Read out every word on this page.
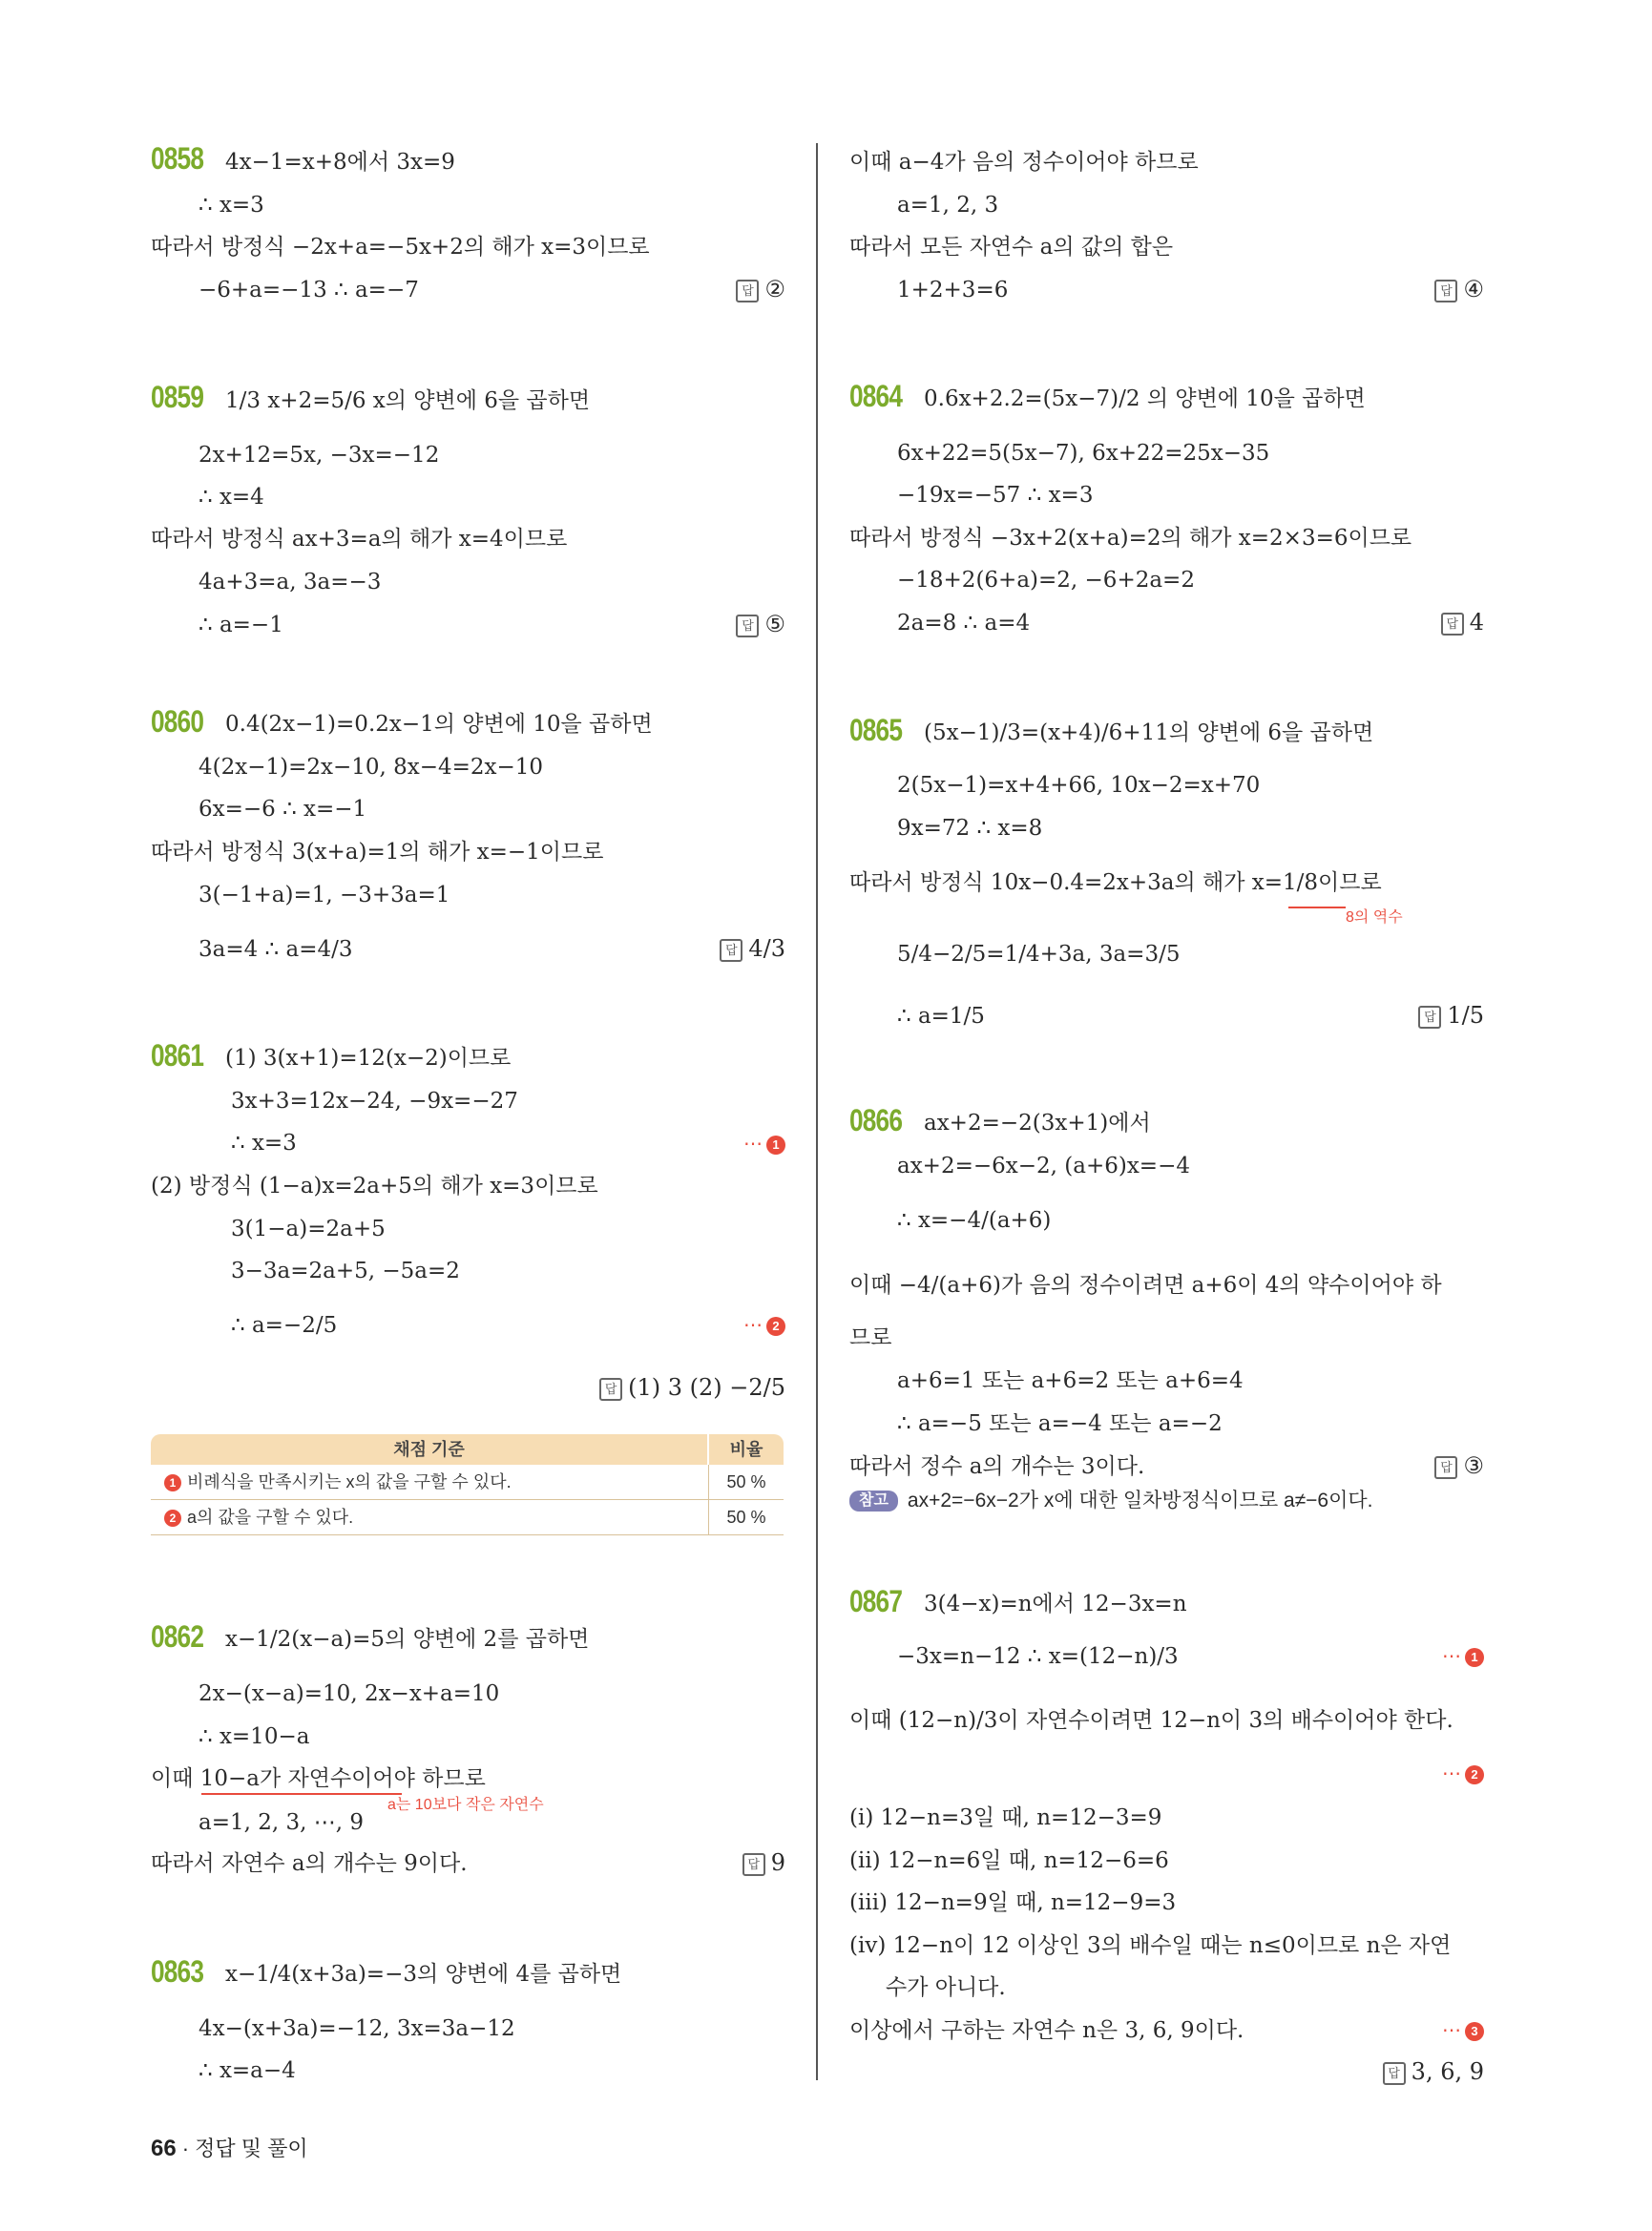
0858 4x−1=x+8에서 3x=9
∴ x=3
따라서 방정식 −2x+a=−5x+2의 해가 x=3이므로
−6+a=−13 ∴ a=−7	답 ②
0859 1/3 x+2=5/6 x의 양변에 6을 곱하면
2x+12=5x, −3x=−12
∴ x=4
따라서 방정식 ax+3=a의 해가 x=4이므로
4a+3=a, 3a=−3
∴ a=−1	답 ⑤
0860 0.4(2x−1)=0.2x−1의 양변에 10을 곱하면
4(2x−1)=2x−10, 8x−4=2x−10
6x=−6 ∴ x=−1
따라서 방정식 3(x+a)=1의 해가 x=−1이므로
3(−1+a)=1, −3+3a=1
3a=4 ∴ a=4/3	답 4/3
0861 (1) 3(x+1)=12(x−2)이므로
3x+3=12x−24, −9x=−27
∴ x=3	⋯ 1
(2) 방정식 (1−a)x=2a+5의 해가 x=3이므로
3(1−a)=2a+5
3−3a=2a+5, −5a=2
∴ a=−2/5	⋯ 2
답 (1) 3 (2) −2/5
0862 x−1/2(x−a)=5의 양변에 2를 곱하면
2x−(x−a)=10, 2x−x+a=10
∴ x=10−a
이때 10−a가 자연수이어야 하므로
a는 10보다 작은 자연수
a=1, 2, 3, ⋯, 9
따라서 자연수 a의 개수는 9이다.	답 9
0863 x−1/4(x+3a)=−3의 양변에 4를 곱하면
4x−(x+3a)=−12, 3x=3a−12
∴ x=a−4
채점 기준	비율
1 비례식을 만족시키는 x의 값을 구할 수 있다.	50 %
2 a의 값을 구할 수 있다.	50 %
이때 a−4가 음의 정수이어야 하므로
a=1, 2, 3
따라서 모든 자연수 a의 값의 합은
1+2+3=6	답 ④
0864 0.6x+2.2=(5x−7)/2 의 양변에 10을 곱하면
6x+22=5(5x−7), 6x+22=25x−35
−19x=−57 ∴ x=3
따라서 방정식 −3x+2(x+a)=2의 해가 x=2×3=6이므로
−18+2(6+a)=2, −6+2a=2
2a=8 ∴ a=4	답 4
0865 (5x−1)/3=(x+4)/6+11의 양변에 6을 곱하면
2(5x−1)=x+4+66, 10x−2=x+70
9x=72 ∴ x=8
따라서 방정식 10x−0.4=2x+3a의 해가 x=1/8이므로
8의 역수
5/4−2/5=1/4+3a, 3a=3/5
∴ a=1/5	답 1/5
0866 ax+2=−2(3x+1)에서
ax+2=−6x−2, (a+6)x=−4
∴ x=−4/(a+6)
이때 −4/(a+6)가 음의 정수이려면 a+6이 4의 약수이어야 하
므로
a+6=1 또는 a+6=2 또는 a+6=4
∴ a=−5 또는 a=−4 또는 a=−2
따라서 정수 a의 개수는 3이다.	답 ③
참고 ax+2=−6x−2가 x에 대한 일차방정식이므로 a≠−6이다.
0867 3(4−x)=n에서 12−3x=n
−3x=n−12 ∴ x=(12−n)/3	⋯ 1
이때 (12−n)/3이 자연수이려면 12−n이 3의 배수이어야 한다.
⋯ 2
(ⅰ) 12−n=3일 때, n=12−3=9
(ⅱ) 12−n=6일 때, n=12−6=6
(ⅲ) 12−n=9일 때, n=12−9=3
(ⅳ) 12−n이 12 이상인 3의 배수일 때는 n≤0이므로 n은 자연
수가 아니다.
이상에서 구하는 자연수 n은 3, 6, 9이다.	⋯ 3
답 3, 6, 9
66 · 정답 및 풀이
